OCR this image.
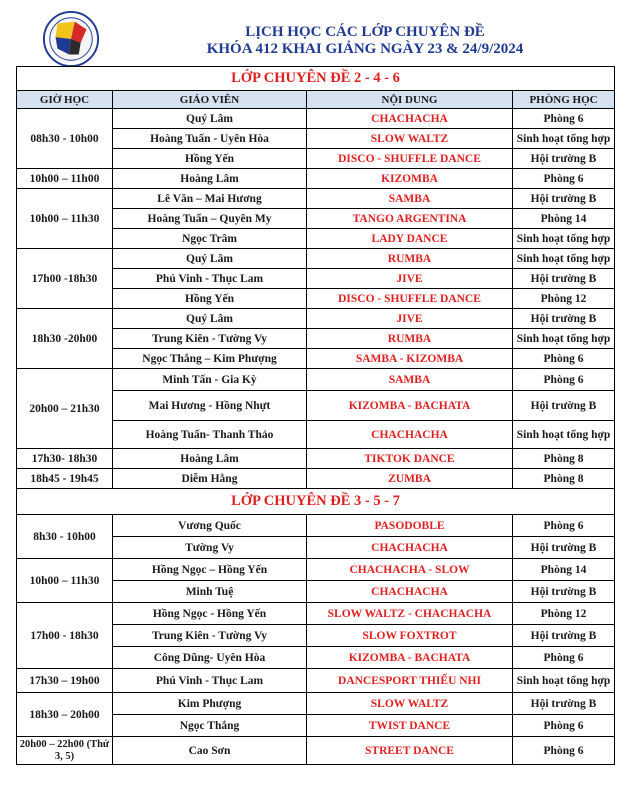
LỊCH HỌC CÁC LỚP CHUYÊN ĐỀ
KHÓA 412 KHAI GIẢNG NGÀY 23 & 24/9/2024
LỚP CHUYÊN ĐỀ 2 - 4 - 6			
GIỜ HỌC	GIÁO VIÊN	NỘI DUNG	PHÒNG HỌC
08h30 - 10h00	Quý Lâm	CHACHACHA	Phòng 6
	Hoàng Tuấn - Uyên Hòa	SLOW WALTZ	Sinh hoạt tổng hợp
	Hồng Yến	DISCO - SHUFFLE DANCE	Hội trường B
10h00 – 11h00	Hoàng Lâm	KIZOMBA	Phòng 6
10h00 – 11h30	Lê Văn – Mai Hương	SAMBA	Hội trường B
	Hoàng Tuấn – Quyên My	TANGO ARGENTINA	Phòng 14
	Ngọc Trâm	LADY DANCE	Sinh hoạt tổng hợp
17h00 -18h30	Quý Lâm	RUMBA	Sinh hoạt tổng hợp
	Phú Vinh - Thục Lam	JIVE	Hội trường B
	Hồng Yến	DISCO - SHUFFLE DANCE	Phòng 12
18h30 -20h00	Quý Lâm	JIVE	Hội trường B
	Trung Kiên - Tường Vy	RUMBA	Sinh hoạt tổng hợp
	Ngọc Thắng – Kim Phượng	SAMBA - KIZOMBA	Phòng 6
20h00 – 21h30	Minh Tấn - Gia Kỳ	SAMBA	Phòng 6
	Mai Hương - Hồng Nhựt	KIZOMBA - BACHATA	Hội trường B
	Hoàng Tuấn- Thanh Thảo	CHACHACHA	Sinh hoạt tổng hợp
17h30- 18h30	Hoàng Lâm	TIKTOK DANCE	Phòng 8
18h45 - 19h45	Diễm Hằng	ZUMBA	Phòng 8
LỚP CHUYÊN ĐỀ 3 - 5 - 7			
8h30 - 10h00	Vương Quốc	PASODOBLE	Phòng 6
	Tường Vy	CHACHACHA	Hội trường B
10h00 – 11h30	Hồng Ngọc – Hồng Yến	CHACHACHA - SLOW	Phòng 14
	Minh Tuệ	CHACHACHA	Hội trường B
17h00 - 18h30	Hồng Ngọc - Hồng Yến	SLOW WALTZ - CHACHACHA	Phòng 12
	Trung Kiên - Tường Vy	SLOW FOXTROT	Hội trường B
	Công Dũng- Uyên Hòa	KIZOMBA - BACHATA	Phòng 6
17h30 – 19h00	Phú Vinh - Thục Lam	DANCESPORT THIẾU NHI	Sinh hoạt tổng hợp
18h30 – 20h00	Kim Phượng	SLOW WALTZ	Hội trường B
	Ngọc Thắng	TWIST DANCE	Phòng 6
20h00 – 22h00 (Thứ 3, 5)	Cao Sơn	STREET DANCE	Phòng 6
